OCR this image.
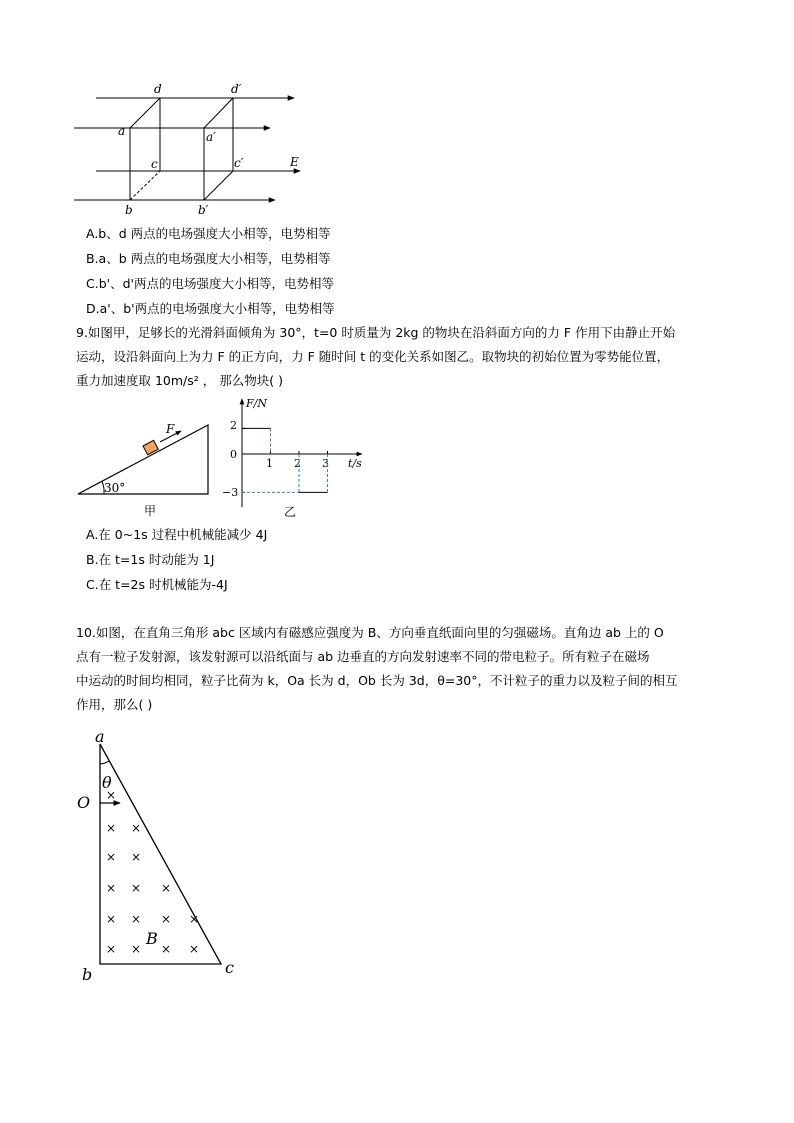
d	d′
a	a′
c	c′	E
b	b′
A.b、d 两点的电场强度大小相等，电势相等
B.a、b 两点的电场强度大小相等，电势相等
C.b'、d'两点的电场强度大小相等，电势相等
D.a'、b'两点的电场强度大小相等，电势相等
9.如图甲，足够长的光滑斜面倾角为 30°，t=0 时质量为 2kg 的物块在沿斜面方向的力 F 作用下由静止开始
运动，设沿斜面向上为力 F 的正方向，力 F 随时间 t 的变化关系如图乙。取物块的初始位置为零势能位置，
重力加速度取 10m/s² ， 那么物块( )
F
30°
甲
F/N
t/s
2
0
−3
1 2 3
乙
A.在 0~1s 过程中机械能减少 4J
B.在 t=1s 时动能为 1J
C.在 t=2s 时机械能为-4J
10.如图，在直角三角形 abc 区域内有磁感应强度为 B、方向垂直纸面向里的匀强磁场。直角边 ab 上的 O
点有一粒子发射源，该发射源可以沿纸面与 ab 边垂直的方向发射速率不同的带电粒子。所有粒子在磁场
中运动的时间均相同，粒子比荷为 k，Oa 长为 d，Ob 长为 3d，θ=30°，不计粒子的重力以及粒子间的相互
作用，那么( )
×
× ×
× ×
× × ×
× × × ×
× × × ×
a
θ
O
B
b	c
